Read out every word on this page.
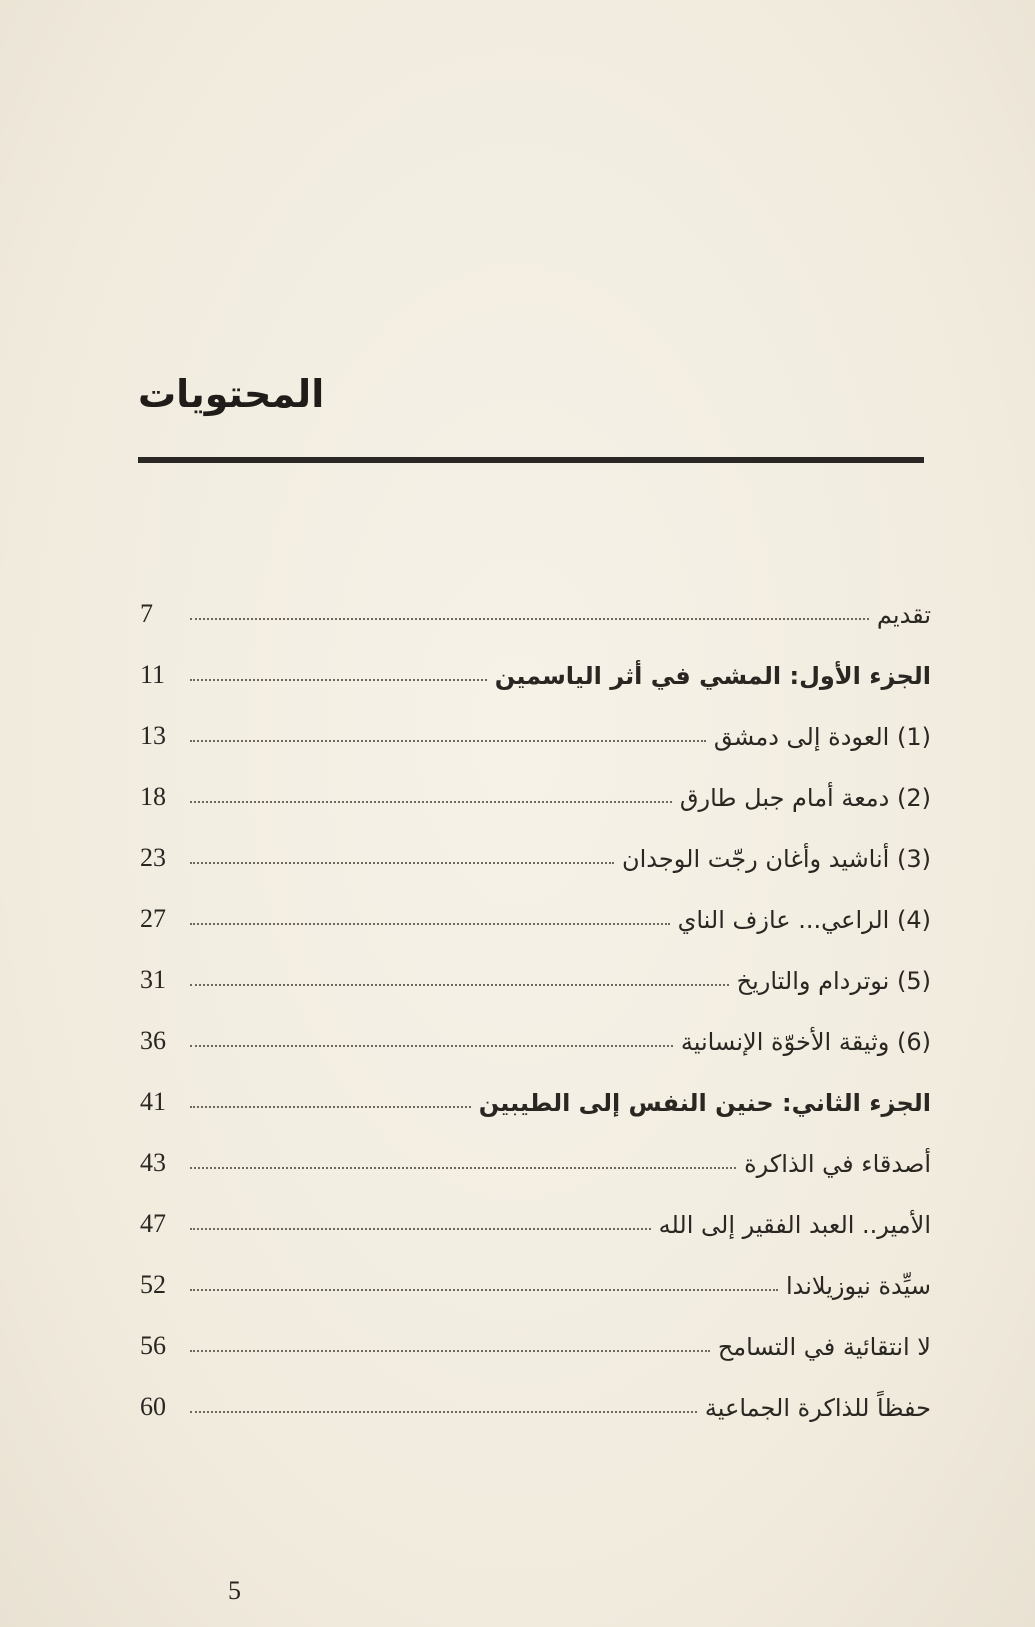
المحتويات
تقديم
7
الجزء الأول: المشي في أثر الياسمين
11
(1) العودة إلى دمشق
13
(2) دمعة أمام جبل طارق
18
(3) أناشيد وأغان رجّت الوجدان
23
(4) الراعي... عازف الناي
27
(5) نوتردام والتاريخ
31
(6) وثيقة الأخوّة الإنسانية
36
الجزء الثاني: حنين النفس إلى الطيبين
41
أصدقاء في الذاكرة
43
الأمير.. العبد الفقير إلى الله
47
سيِّدة نيوزيلاندا
52
لا انتقائية في التسامح
56
حفظاً للذاكرة الجماعية
60
5
